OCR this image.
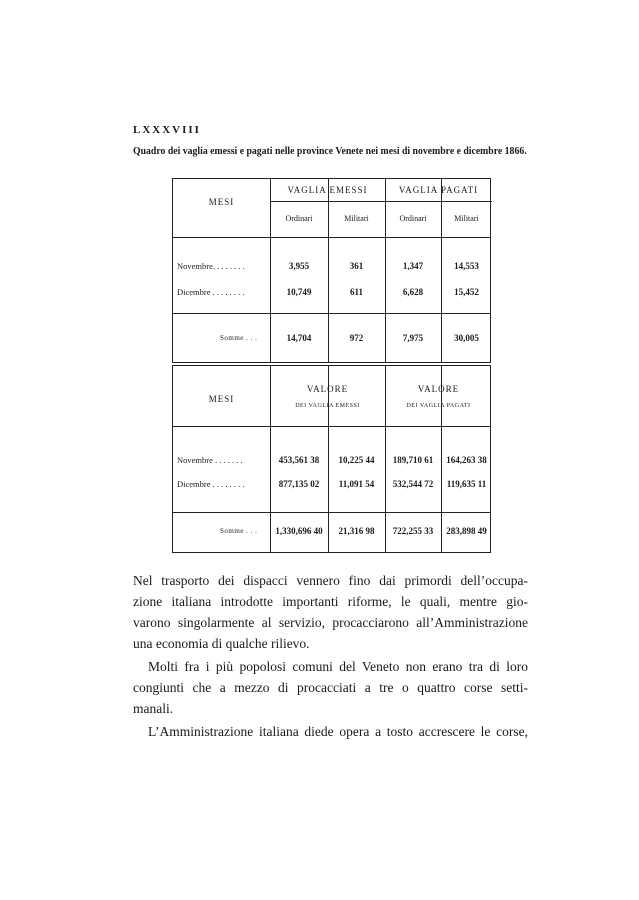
LXXXVIII
Quadro dei vaglia emessi e pagati nelle province Venete nei mesi di novembre e dicembre 1866.
MESI
VAGLIA EMESSI	VAGLIA PAGATI
Ordinari	Militari	Ordinari	Militari
Novembre. . . . . . . .	3,955	361	1,347	14,553
Dicembre . . . . . . . .	10,749	611	6,628	15,452
Somme . . .	14,704	972	7,975	30,005
MESI
VALORE
DEI VAGLIA EMESSI
VALORE
DEI VAGLIA PAGATI
Novembre . . . . . . .	453,561 38	10,225 44	189,710 61	164,263 38
Dicembre . . . . . . . .	877,135 02	11,091 54	532,544 72	119,635 11
Somme . . .	1,330,696 40	21,316 98	722,255 33	283,898 49
Nel trasporto dei dispacci vennero fino dai primordi dell’occupa-
zione italiana introdotte importanti riforme, le quali, mentre gio-
varono singolarmente al servizio, procacciarono all’Amministrazione
una economia di qualche rilievo.
Molti fra i più popolosi comuni del Veneto non erano tra di loro
congiunti che a mezzo di procacciati a tre o quattro corse setti-
manali.
L’Amministrazione italiana diede opera a tosto accrescere le corse,
